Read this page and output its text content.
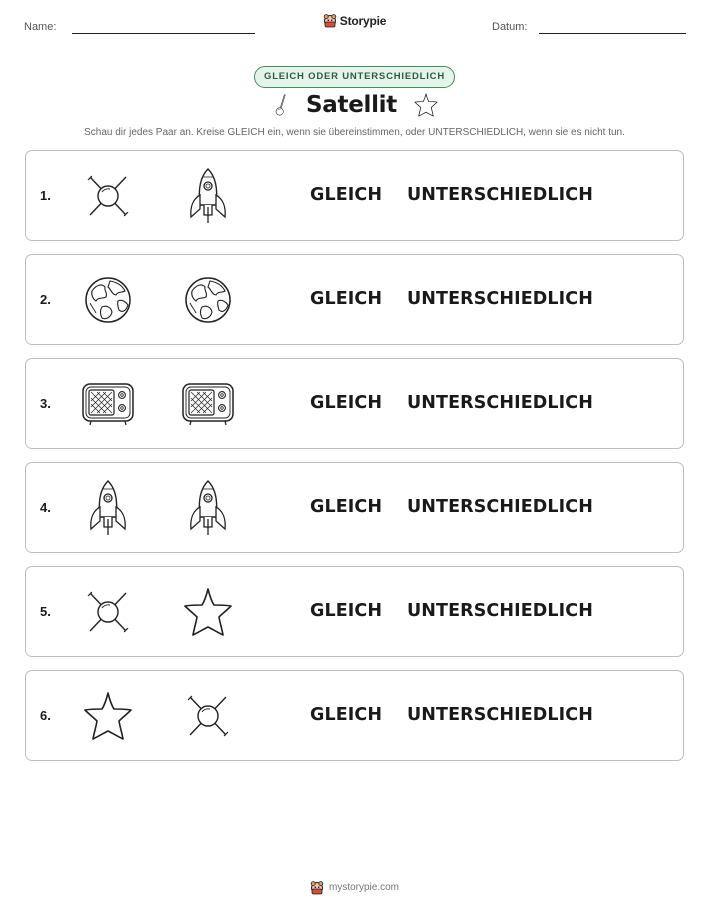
Name:	Storypie	Datum:
GLEICH ODER UNTERSCHIEDLICH
Satellit
Schau dir jedes Paar an. Kreise GLEICH ein, wenn sie übereinstimmen, oder UNTERSCHIEDLICH, wenn sie es nicht tun.
1.	GLEICH UNTERSCHIEDLICH
2.	GLEICH UNTERSCHIEDLICH
3.	GLEICH UNTERSCHIEDLICH
4.	GLEICH UNTERSCHIEDLICH
5.	GLEICH UNTERSCHIEDLICH
6.	GLEICH UNTERSCHIEDLICH
mystorypie.com
